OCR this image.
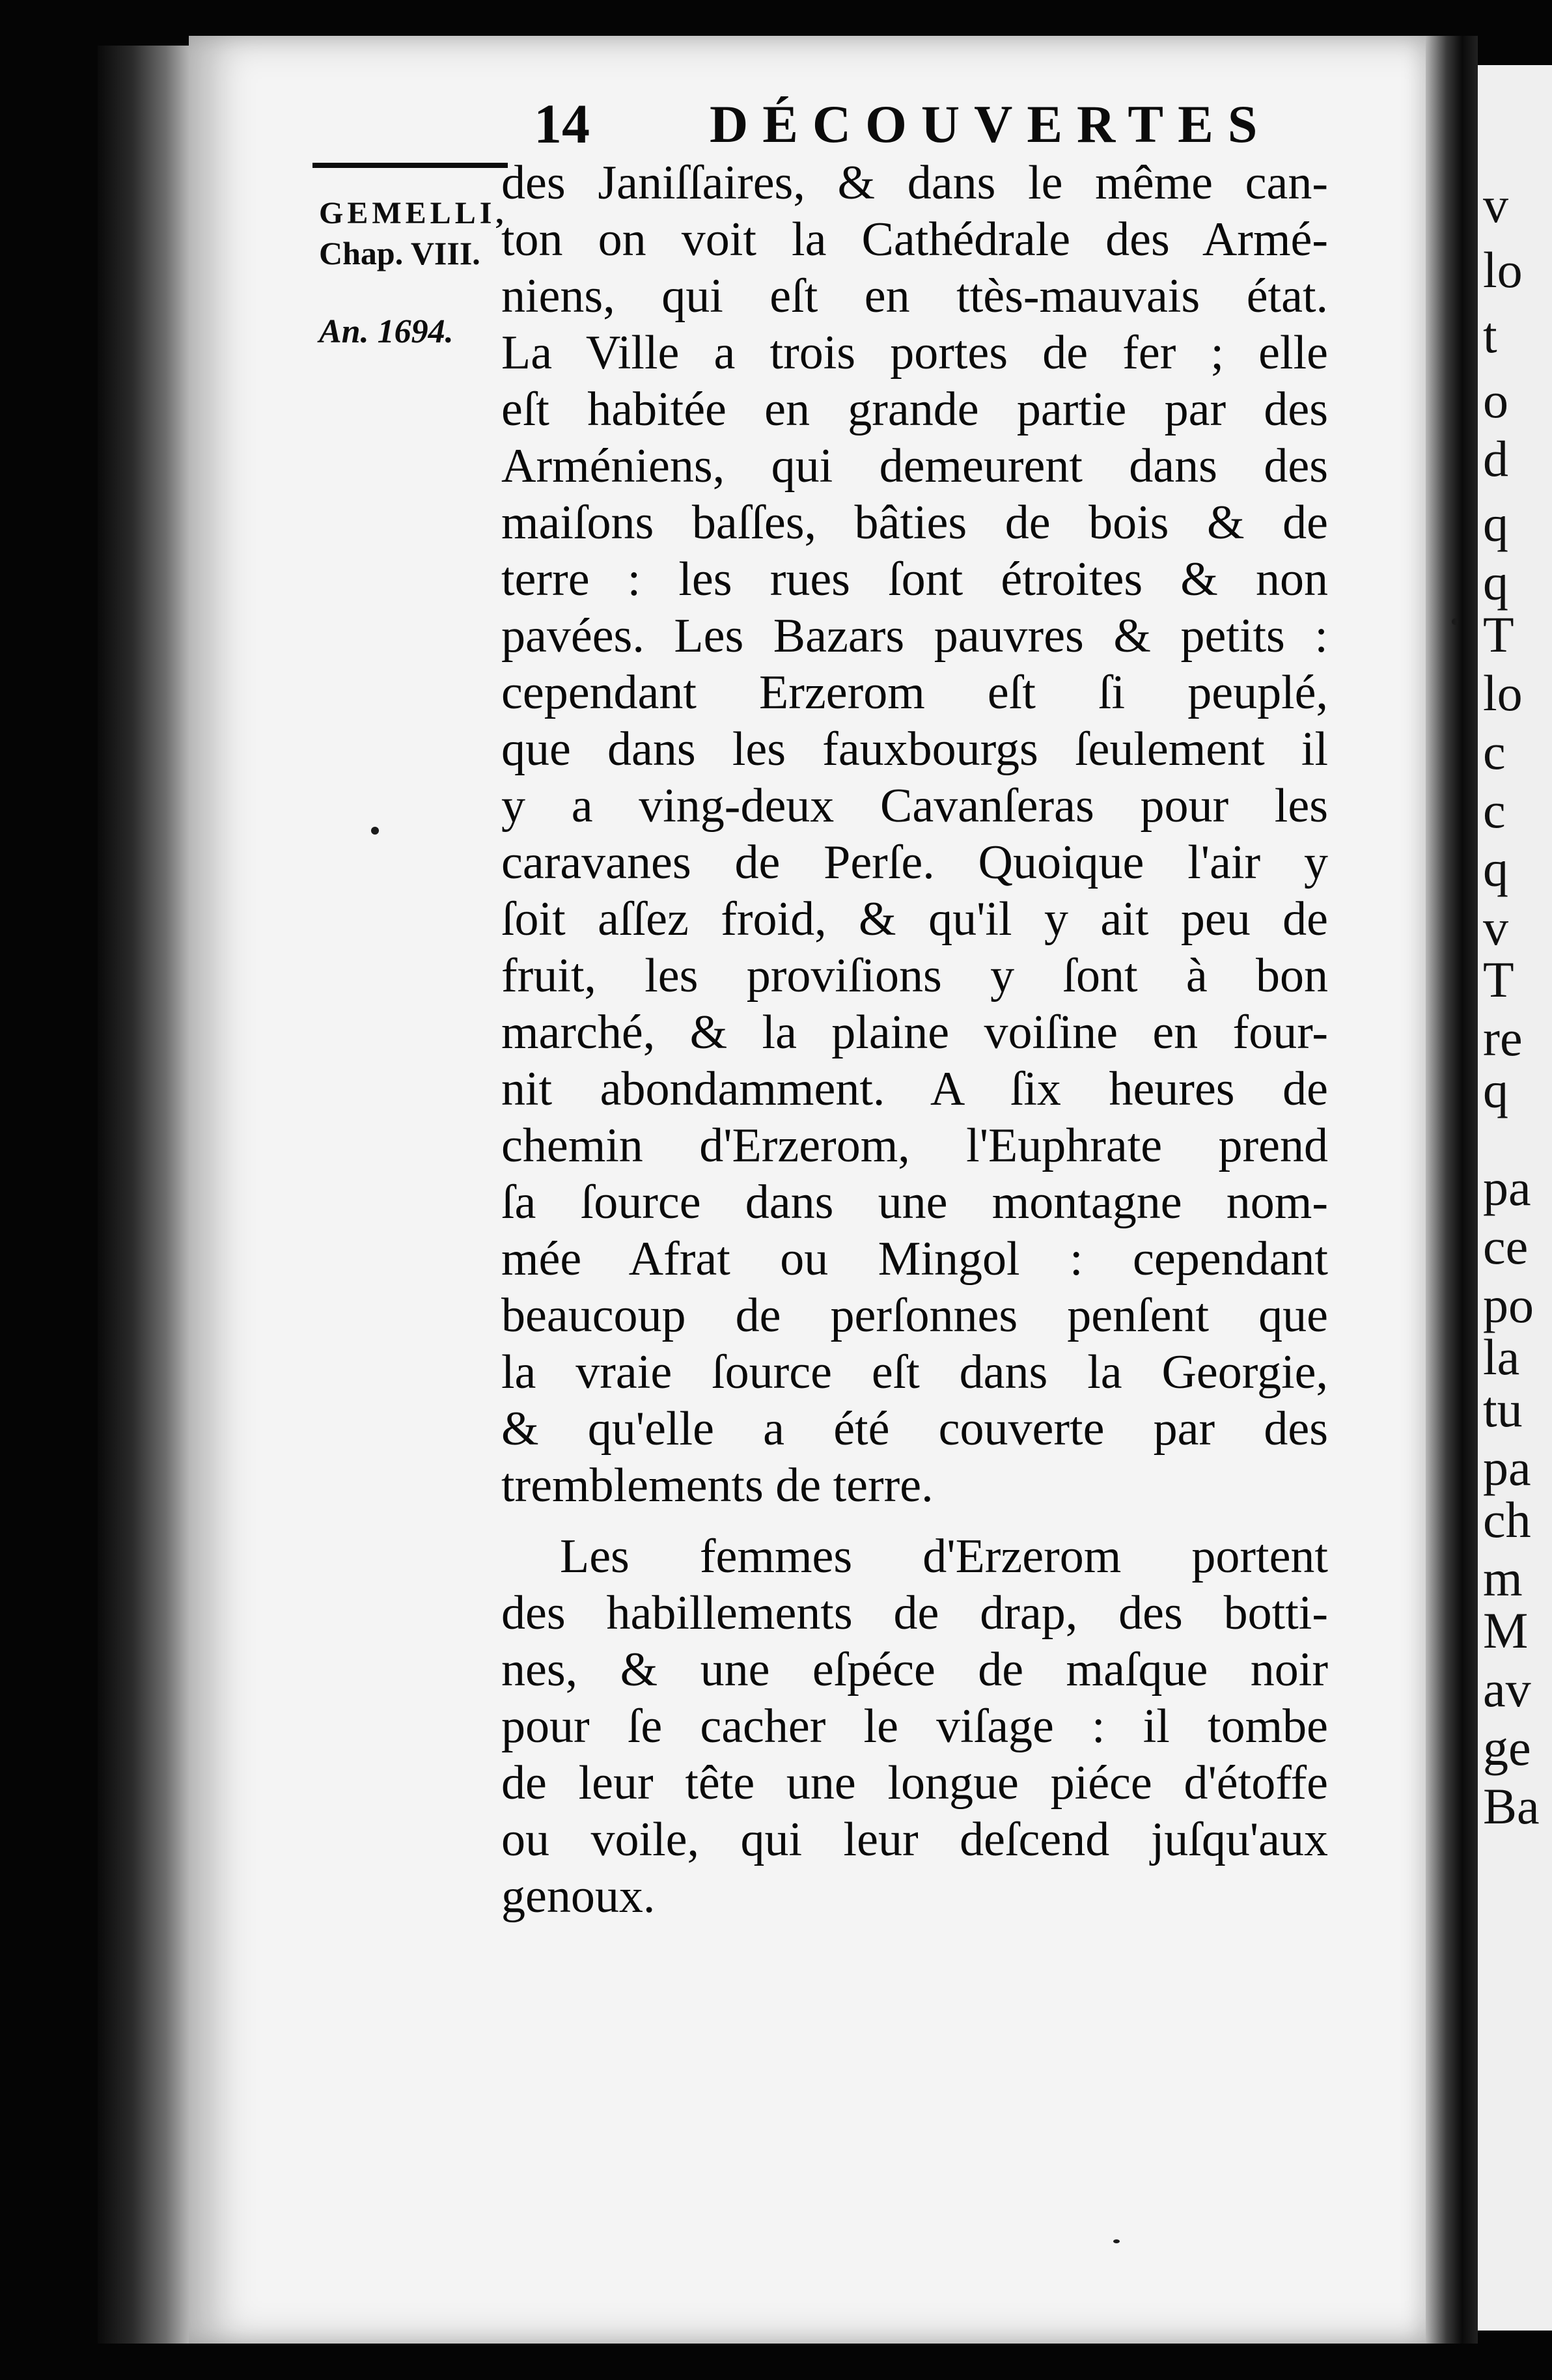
v
lo
t
o
d
q
q
T
lo
c
c
q
v
T
re
q
pa
ce
po
la
tu
pa
ch
m
M
av
ge
Ba
14 DÉCOUVERTES
GEMELLI,
Chap. VIII.
An. 1694.
des Janiſſaires, & dans le même can-
ton on voit la Cathédrale des Armé-
niens, qui eſt en ttès-mauvais état.
La Ville a trois portes de fer ; elle
eſt habitée en grande partie par des
Arméniens, qui demeurent dans des
maiſons baſſes, bâties de bois & de
terre : les rues ſont étroites & non
pavées. Les Bazars pauvres & petits :
cependant Erzerom eſt ſi peuplé,
que dans les fauxbourgs ſeulement il
y a ving-deux Cavanſeras pour les
caravanes de Perſe. Quoique l'air y
ſoit aſſez froid, & qu'il y ait peu de
fruit, les proviſions y ſont à bon
marché, & la plaine voiſine en four-
nit abondamment. A ſix heures de
chemin d'Erzerom, l'Euphrate prend
ſa ſource dans une montagne nom-
mée Afrat ou Mingol : cependant
beaucoup de perſonnes penſent que
la vraie ſource eſt dans la Georgie,
& qu'elle a été couverte par des
tremblements de terre.
Les femmes d'Erzerom portent
des habillements de drap, des botti-
nes, & une eſpéce de maſque noir
pour ſe cacher le viſage : il tombe
de leur tête une longue piéce d'étoffe
ou voile, qui leur deſcend juſqu'aux
genoux.
